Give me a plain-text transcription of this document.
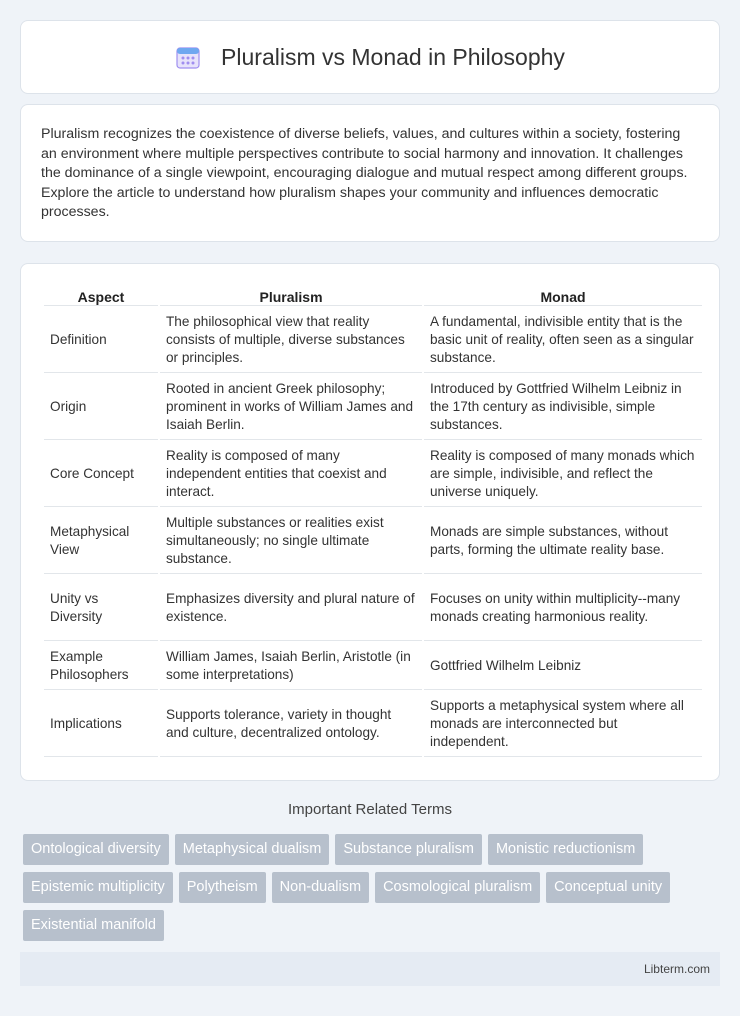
Pluralism vs Monad in Philosophy

Pluralism recognizes the coexistence of diverse beliefs, values, and cultures within a society, fostering an environment where multiple perspectives contribute to social harmony and innovation. It challenges the dominance of a single viewpoint, encouraging dialogue and mutual respect among different groups. Explore the article to understand how pluralism shapes your community and influences democratic processes.

Aspect	Pluralism	Monad
Definition	The philosophical view that reality consists of multiple, diverse substances or principles.	A fundamental, indivisible entity that is the basic unit of reality, often seen as a singular substance.
Origin	Rooted in ancient Greek philosophy; prominent in works of William James and Isaiah Berlin.	Introduced by Gottfried Wilhelm Leibniz in the 17th century as indivisible, simple substances.
Core Concept	Reality is composed of many independent entities that coexist and interact.	Reality is composed of many monads which are simple, indivisible, and reflect the universe uniquely.
Metaphysical View	Multiple substances or realities exist simultaneously; no single ultimate substance.	Monads are simple substances, without parts, forming the ultimate reality base.
Unity vs Diversity	Emphasizes diversity and plural nature of existence.	Focuses on unity within multiplicity--many monads creating harmonious reality.
Example Philosophers	William James, Isaiah Berlin, Aristotle (in some interpretations)	Gottfried Wilhelm Leibniz
Implications	Supports tolerance, variety in thought and culture, decentralized ontology.	Supports a metaphysical system where all monads are interconnected but independent.
Important Related Terms
Ontological diversity	Metaphysical dualism	Substance pluralism	Monistic reductionism
Epistemic multiplicity	Polytheism	Non-dualism	Cosmological pluralism	Conceptual unity
Existential manifold
Libterm.com
